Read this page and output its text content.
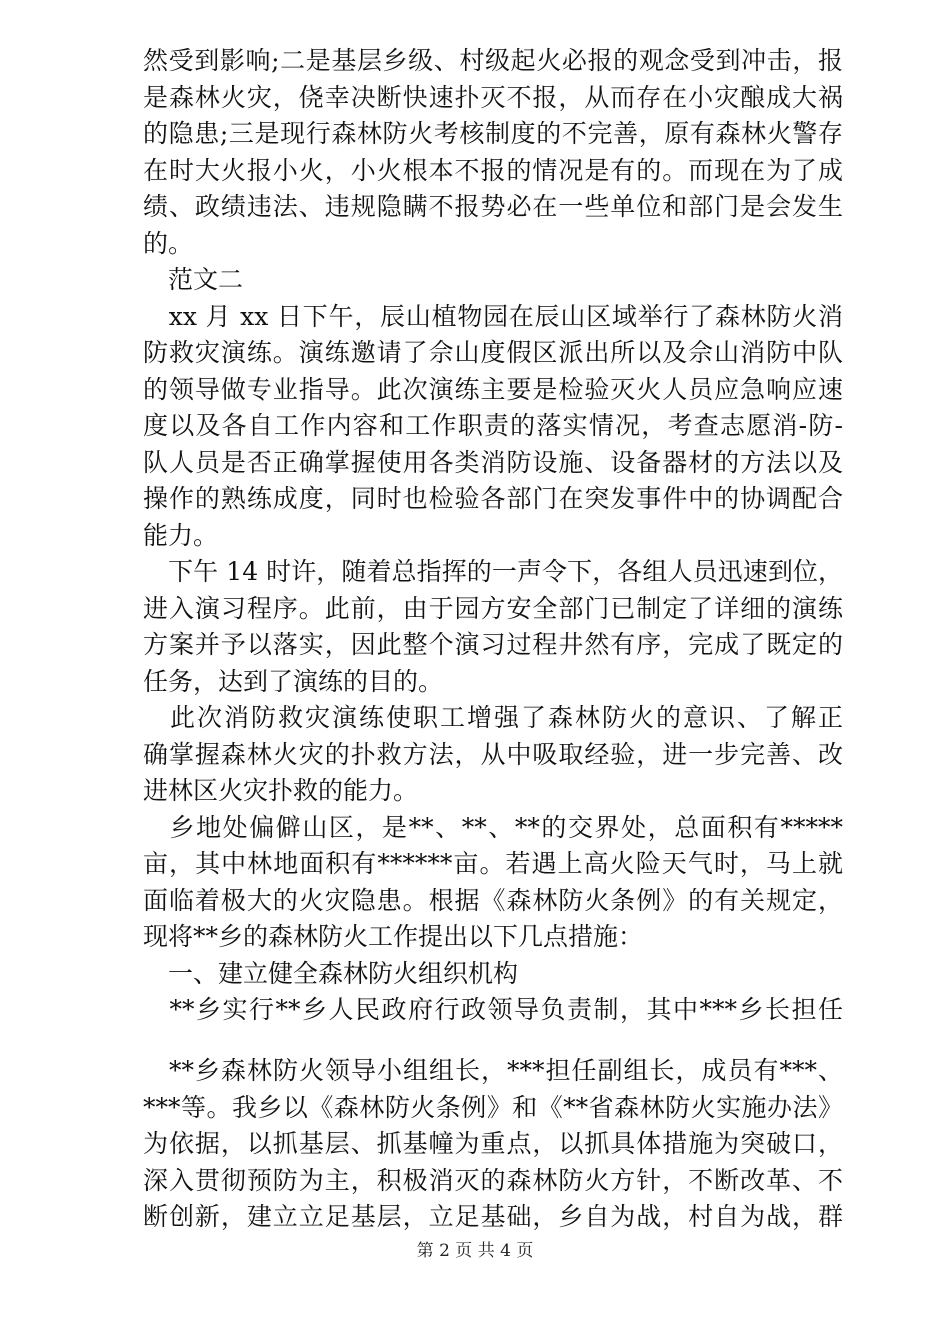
然受到影响;二是基层乡级、村级起火必报的观念受到冲击，报
是森林火灾，侥幸决断快速扑灭不报，从而存在小灾酿成大祸
的隐患;三是现行森林防火考核制度的不完善，原有森林火警存
在时大火报小火，小火根本不报的情况是有的。而现在为了成
绩、政绩违法、违规隐瞒不报势必在一些单位和部门是会发生
的。
　范文二
　xx 月 xx 日下午，辰山植物园在辰山区域举行了森林防火消
防救灾演练。演练邀请了佘山度假区派出所以及佘山消防中队
的领导做专业指导。此次演练主要是检验灭火人员应急响应速
度以及各自工作内容和工作职责的落实情况，考查志愿消-防-
队人员是否正确掌握使用各类消防设施、设备器材的方法以及
操作的熟练成度，同时也检验各部门在突发事件中的协调配合
能力。
　下午 14 时许，随着总指挥的一声令下，各组人员迅速到位，
进入演习程序。此前，由于园方安全部门已制定了详细的演练
方案并予以落实，因此整个演习过程井然有序，完成了既定的
任务，达到了演练的目的。
　此次消防救灾演练使职工增强了森林防火的意识、了解正
确掌握森林火灾的扑救方法，从中吸取经验，进一步完善、改
进林区火灾扑救的能力。
　乡地处偏僻山区，是**、**、**的交界处，总面积有*****
亩，其中林地面积有******亩。若遇上高火险天气时，马上就
面临着极大的火灾隐患。根据《森林防火条例》的有关规定，
现将**乡的森林防火工作提出以下几点措施：
　一、建立健全森林防火组织机构
　**乡实行**乡人民政府行政领导负责制，其中***乡长担任
　**乡森林防火领导小组组长，***担任副组长，成员有***、
***等。我乡以《森林防火条例》和《**省森林防火实施办法》
为依据，以抓基层、抓基幢为重点，以抓具体措施为突破口，
深入贯彻预防为主，积极消灭的森林防火方针，不断改革、不
断创新，建立立足基层，立足基础，乡自为战，村自为战，群
第 2 页 共 4 页
